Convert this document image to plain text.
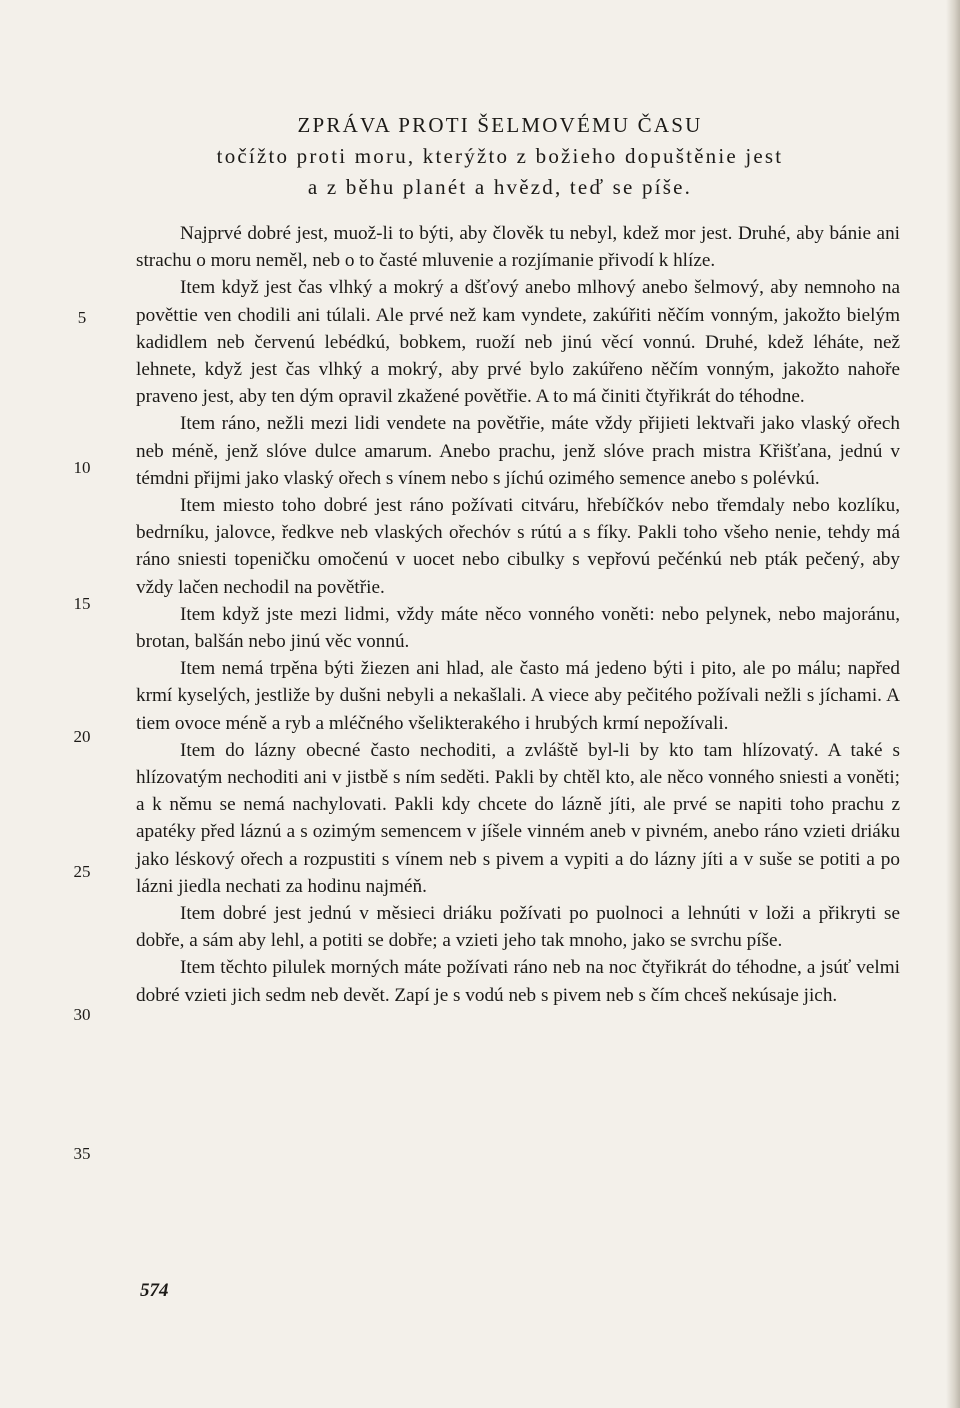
ZPRÁVA PROTI ŠELMOVÉMU ČASU
točížto proti moru, kterýžto z božieho dopuštěnie jest
a z běhu planét a hvězd, teď se píše.

Najprvé dobré jest, muož-li to býti, aby člověk tu nebyl, kdež mor jest. Druhé, aby bánie ani strachu o moru neměl, neb o to časté mluvenie a rozjímanie přivodí k hlíze.

Item když jest čas vlhký a mokrý a dšťový anebo mlhový anebo šelmový, aby nemnoho na pověttie ven chodili ani túlali. Ale prvé než kam vyndete, zakúřiti něčím vonným, jakožto bielým kadidlem neb červenú lebédkú, bobkem, ruoží neb jinú věcí vonnú. Druhé, kdež léháte, než lehnete, když jest čas vlhký a mokrý, aby prvé bylo zakúřeno něčím vonným, jakožto nahoře praveno jest, aby ten dým opravil zkažené povětřie. A to má činiti čtyřikrát do téhodne.

Item ráno, nežli mezi lidi vendete na povětřie, máte vždy přijieti lektvaři jako vlaský ořech neb méně, jenž slóve dulce amarum. Anebo prachu, jenž slóve prach mistra Křišťana, jednú v témdni přijmi jako vlaský ořech s vínem nebo s jíchú ozimého semence anebo s polévkú.

Item miesto toho dobré jest ráno požívati citváru, hřebíčkóv nebo třemdaly nebo kozlíku, bedrníku, jalovce, ředkve neb vlaských ořechóv s rútú a s fíky. Pakli toho všeho nenie, tehdy má ráno sniesti topeničku omočenú v uocet nebo cibulky s vepřovú pečénkú neb pták pečený, aby vždy lačen nechodil na povětřie.

Item když jste mezi lidmi, vždy máte něco vonného voněti: nebo pelynek, nebo majoránu, brotan, balšán nebo jinú věc vonnú.

Item nemá trpěna býti žiezen ani hlad, ale často má jedeno býti i pito, ale po málu; napřed krmí kyselých, jestliže by dušni nebyli a nekašlali. A viece aby pečitého požívali nežli s jíchami. A tiem ovoce méně a ryb a mléčného všelikterakého i hrubých krmí nepožívali.

Item do lázny obecné často nechoditi, a zvláště byl-li by kto tam hlízovatý. A také s hlízovatým nechoditi ani v jistbě s ním seděti. Pakli by chtěl kto, ale něco vonného sniesti a voněti; a k němu se nemá nachylovati. Pakli kdy chcete do lázně jíti, ale prvé se napiti toho prachu z apatéky před láznú a s ozimým semencem v jíšele vinném aneb v pivném, anebo ráno vzieti driáku jako léskový ořech a rozpustiti s vínem neb s pivem a vypiti a do lázny jíti a v suše se potiti a po lázni jiedla nechati za hodinu najméň.

Item dobré jest jednú v měsieci driáku požívati po puolnoci a lehnúti v loži a přikryti se dobře, a sám aby lehl, a potiti se dobře; a vzieti jeho tak mnoho, jako se svrchu píše.

Item těchto pilulek morných máte požívati ráno neb na noc čtyřikrát do téhodne, a jsúť velmi dobré vzieti jich sedm neb devět. Zapí je s vodú neb s pivem neb s čím chceš nekúsaje jich.

5
10
15
20
25
30
35
574
